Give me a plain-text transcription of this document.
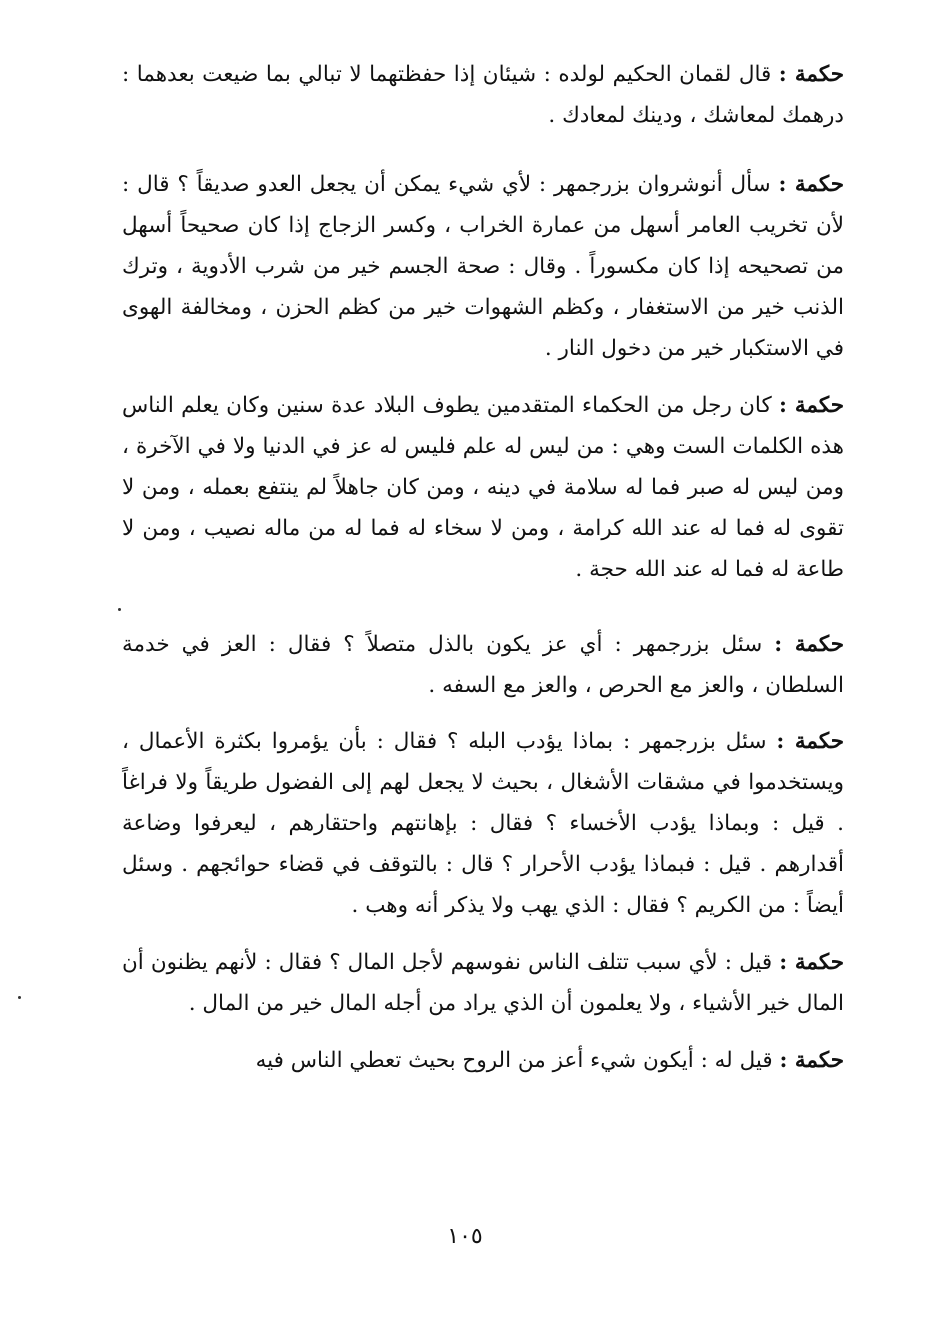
حكمة : قال لقمان الحكيم لولده : شيئان إذا حفظتهما لا تبالي بما ضيعت بعدهما : درهمك لمعاشك ، ودينك لمعادك .

حكمة : سأل أنوشروان بزرجمهر : لأي شيء يمكن أن يجعل العدو صديقاً ؟ قال : لأن تخريب العامر أسهل من عمارة الخراب ، وكسر الزجاج إذا كان صحيحاً أسهل من تصحيحه إذا كان مكسوراً . وقال : صحة الجسم خير من شرب الأدوية ، وترك الذنب خير من الاستغفار ، وكظم الشهوات خير من كظم الحزن ، ومخالفة الهوى في الاستكبار خير من دخول النار .

حكمة : كان رجل من الحكماء المتقدمين يطوف البلاد عدة سنين وكان يعلم الناس هذه الكلمات الست وهي : من ليس له علم فليس له عز في الدنيا ولا في الآخرة ، ومن ليس له صبر فما له سلامة في دينه ، ومن كان جاهلاً لم ينتفع بعمله ، ومن لا تقوى له فما له عند الله كرامة ، ومن لا سخاء له فما له من ماله نصيب ، ومن لا طاعة له فما له عند الله حجة .

حكمة : سئل بزرجمهر : أي عز يكون بالذل متصلاً ؟ فقال : العز في خدمة السلطان ، والعز مع الحرص ، والعز مع السفه .

حكمة : سئل بزرجمهر : بماذا يؤدب البله ؟ فقال : بأن يؤمروا بكثرة الأعمال ، ويستخدموا في مشقات الأشغال ، بحيث لا يجعل لهم إلى الفضول طريقاً ولا فراغاً . قيل : وبماذا يؤدب الأخساء ؟ فقال : بإهانتهم واحتقارهم ، ليعرفوا وضاعة أقدارهم . قيل : فبماذا يؤدب الأحرار ؟ قال : بالتوقف في قضاء حوائجهم . وسئل أيضاً : من الكريم ؟ فقال : الذي يهب ولا يذكر أنه وهب .

حكمة : قيل : لأي سبب تتلف الناس نفوسهم لأجل المال ؟ فقال : لأنهم يظنون أن المال خير الأشياء ، ولا يعلمون أن الذي يراد من أجله المال خير من المال .

حكمة : قيل له : أيكون شيء أعز من الروح بحيث تعطي الناس فيه

١٠٥
